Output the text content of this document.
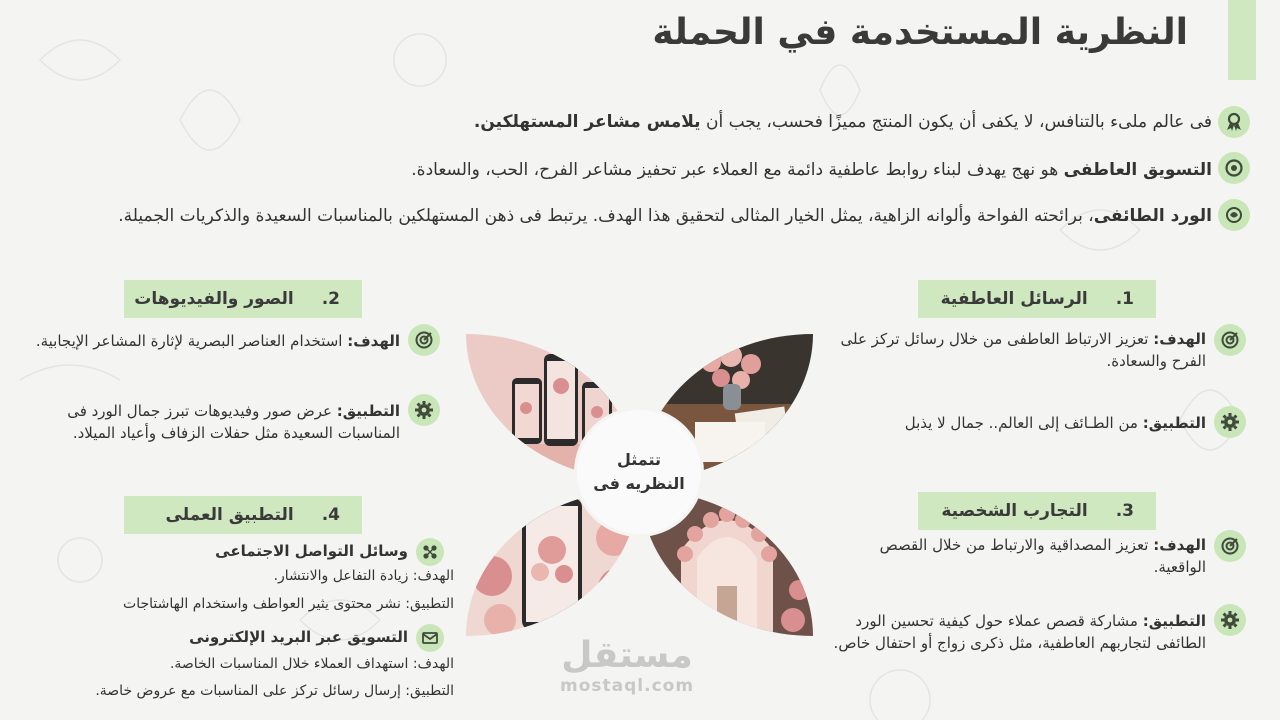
النظرية المستخدمة في الحملة
فى عالم ملىء بالتنافس، لا يكفى أن يكون المنتج مميزًا فحسب، يجب أن يلامس مشاعر المستهلكين.
التسويق العاطفى هو نهج يهدف لبناء روابط عاطفية دائمة مع العملاء عبر تحفيز مشاعر الفرح، الحب، والسعادة.
الورد الطائفى، برائحته الفواحة وألوانه الزاهية، يمثل الخيار المثالى لتحقيق هذا الهدف. يرتبط فى ذهن المستهلكين بالمناسبات السعيدة والذكريات الجميلة.
1.
الرسائل العاطفية
الهدف: تعزيز الارتباط العاطفى من خلال رسائل تركز على الفرح والسعادة.
التطبيق: من الطـائف إلى العالم.. جمال لا يذبل
3.
التجارب الشخصية
الهدف: تعزيز المصداقية والارتباط من خلال القصص الواقعية.
التطبيق: مشاركة قصص عملاء حول كيفية تحسين الورد الطائفى لتجاربهم العاطفية، مثل ذكرى زواج أو احتفال خاص.
2.
الصور والفيديوهات
الهدف: استخدام العناصر البصرية لإثارة المشاعر الإيجابية.
التطبيق: عرض صور وفيديوهات تبرز جمال الورد فى المناسبات السعيدة مثل حفلات الزفاف وأعياد الميلاد.
4.
التطبيق العملى
وسائل التواصل الاجتماعى
الهدف: زيادة التفاعل والانتشار.
التطبيق: نشر محتوى يثير العواطف واستخدام الهاشتاجات
التسويق عبر البريد الإلكترونى
الهدف: استهداف العملاء خلال المناسبات الخاصة.
التطبيق: إرسال رسائل تركز على المناسبات مع عروض خاصة.
تتمثل
النظريه فى
مستقل
mostaql.com
